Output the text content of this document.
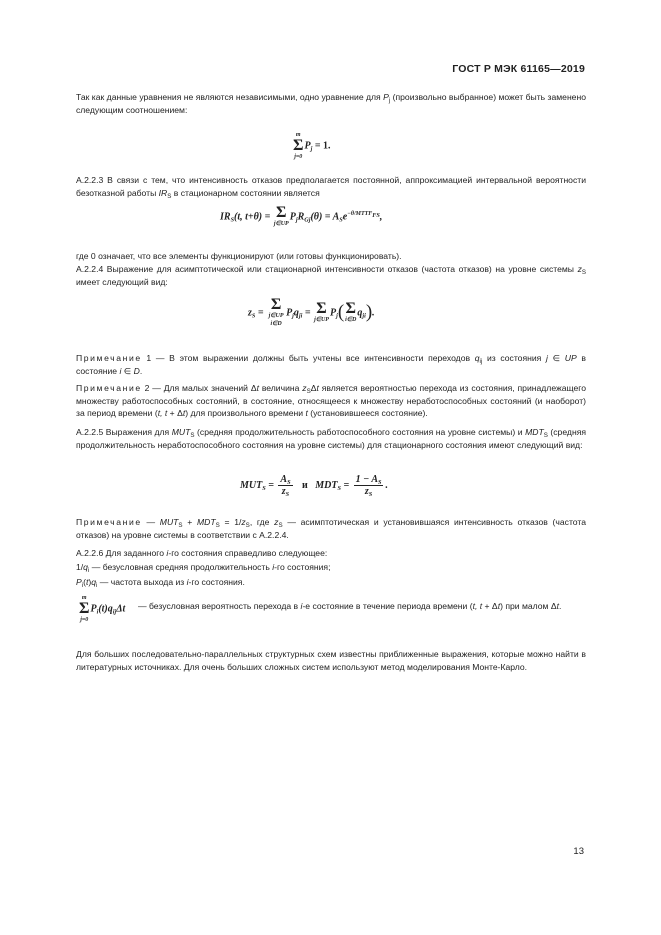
ГОСТ Р МЭК 61165—2019

Так как данные уравнения не являются независимыми, одно уравнение для $P_j$ (произвольно выбранное) может быть заменено следующим соотношением:

m
Σ
j=0
$P_j = 1$.

А.2.2.3 В связи с тем, что интенсивность отказов предполагается постоянной, аппроксимацией интервальной вероятности безотказной работы $IR_S$ в стационарном состоянии является

$IR_S(t$, t+θ) = Σ
j∈UP
$P_jR_{Gj}(\theta) = A_Se^{-\theta/MTTF_{FS}}$,

где 0 означает, что все элементы функционируют (или готовы функционировать).

А.2.2.4 Выражение для асимптотической или стационарной интенсивности отказов (частота отказов) на уровне системы $z_S$ имеет следующий вид:

$z_S = \Sigma$
j∈UP i∈D
$P_jq_{ji} = \Sigma$
j∈UP
$P_j$( Σ
i∈D
$q_{ji}$).

Примечание 1 — В этом выражении должны быть учтены все интенсивности переходов $q_{ij}$ из состояния j ∈ UP в состояние i ∈ D.

Примечание 2 — Для малых значений Δt величина $z_S\Delta t$ является вероятностью перехода из состояния, принадлежащего множеству работоспособных состояний, в состояние, относящееся к множеству неработоспособных состояний (и наоборот) за период времени (t, t + Δt) для произвольного времени t (установившееся состояние).

А.2.2.5 Выражения для $MUT_S$ (средняя продолжительность работоспособного состояния на уровне системы) и $MDT_S$ (средняя продолжительность неработоспособного состояния на уровне системы) для стационарного состояния имеют следующий вид:

$MUT_S = \frac{A_S}{z_S}$ и $MDT_S = \frac{1 - A_S}{z_S}$ .

Примечание — $MUT_S + MDT_S = 1/z_S$, где $z_S$ — асимптотическая и установившаяся интенсивность отказов (частота отказов) на уровне системы в соответствии с А.2.2.4.

А.2.2.6 Для заданного i-го состояния справедливо следующее:

$1/q_i$ — безусловная средняя продолжительность i-го состояния;

$P_i(t)q_i$ — частота выхода из i-го состояния.

m
Σ
j=0
$P_i(t)q_{ij}\Delta t$ — безусловная вероятность перехода в i-е состояние в течение периода времени (t, t + Δt) при малом Δt.

Для больших последовательно-параллельных структурных схем известны приближенные выражения, которые можно найти в литературных источниках. Для очень больших сложных систем используют метод моделирования Монте-Карло.

13
